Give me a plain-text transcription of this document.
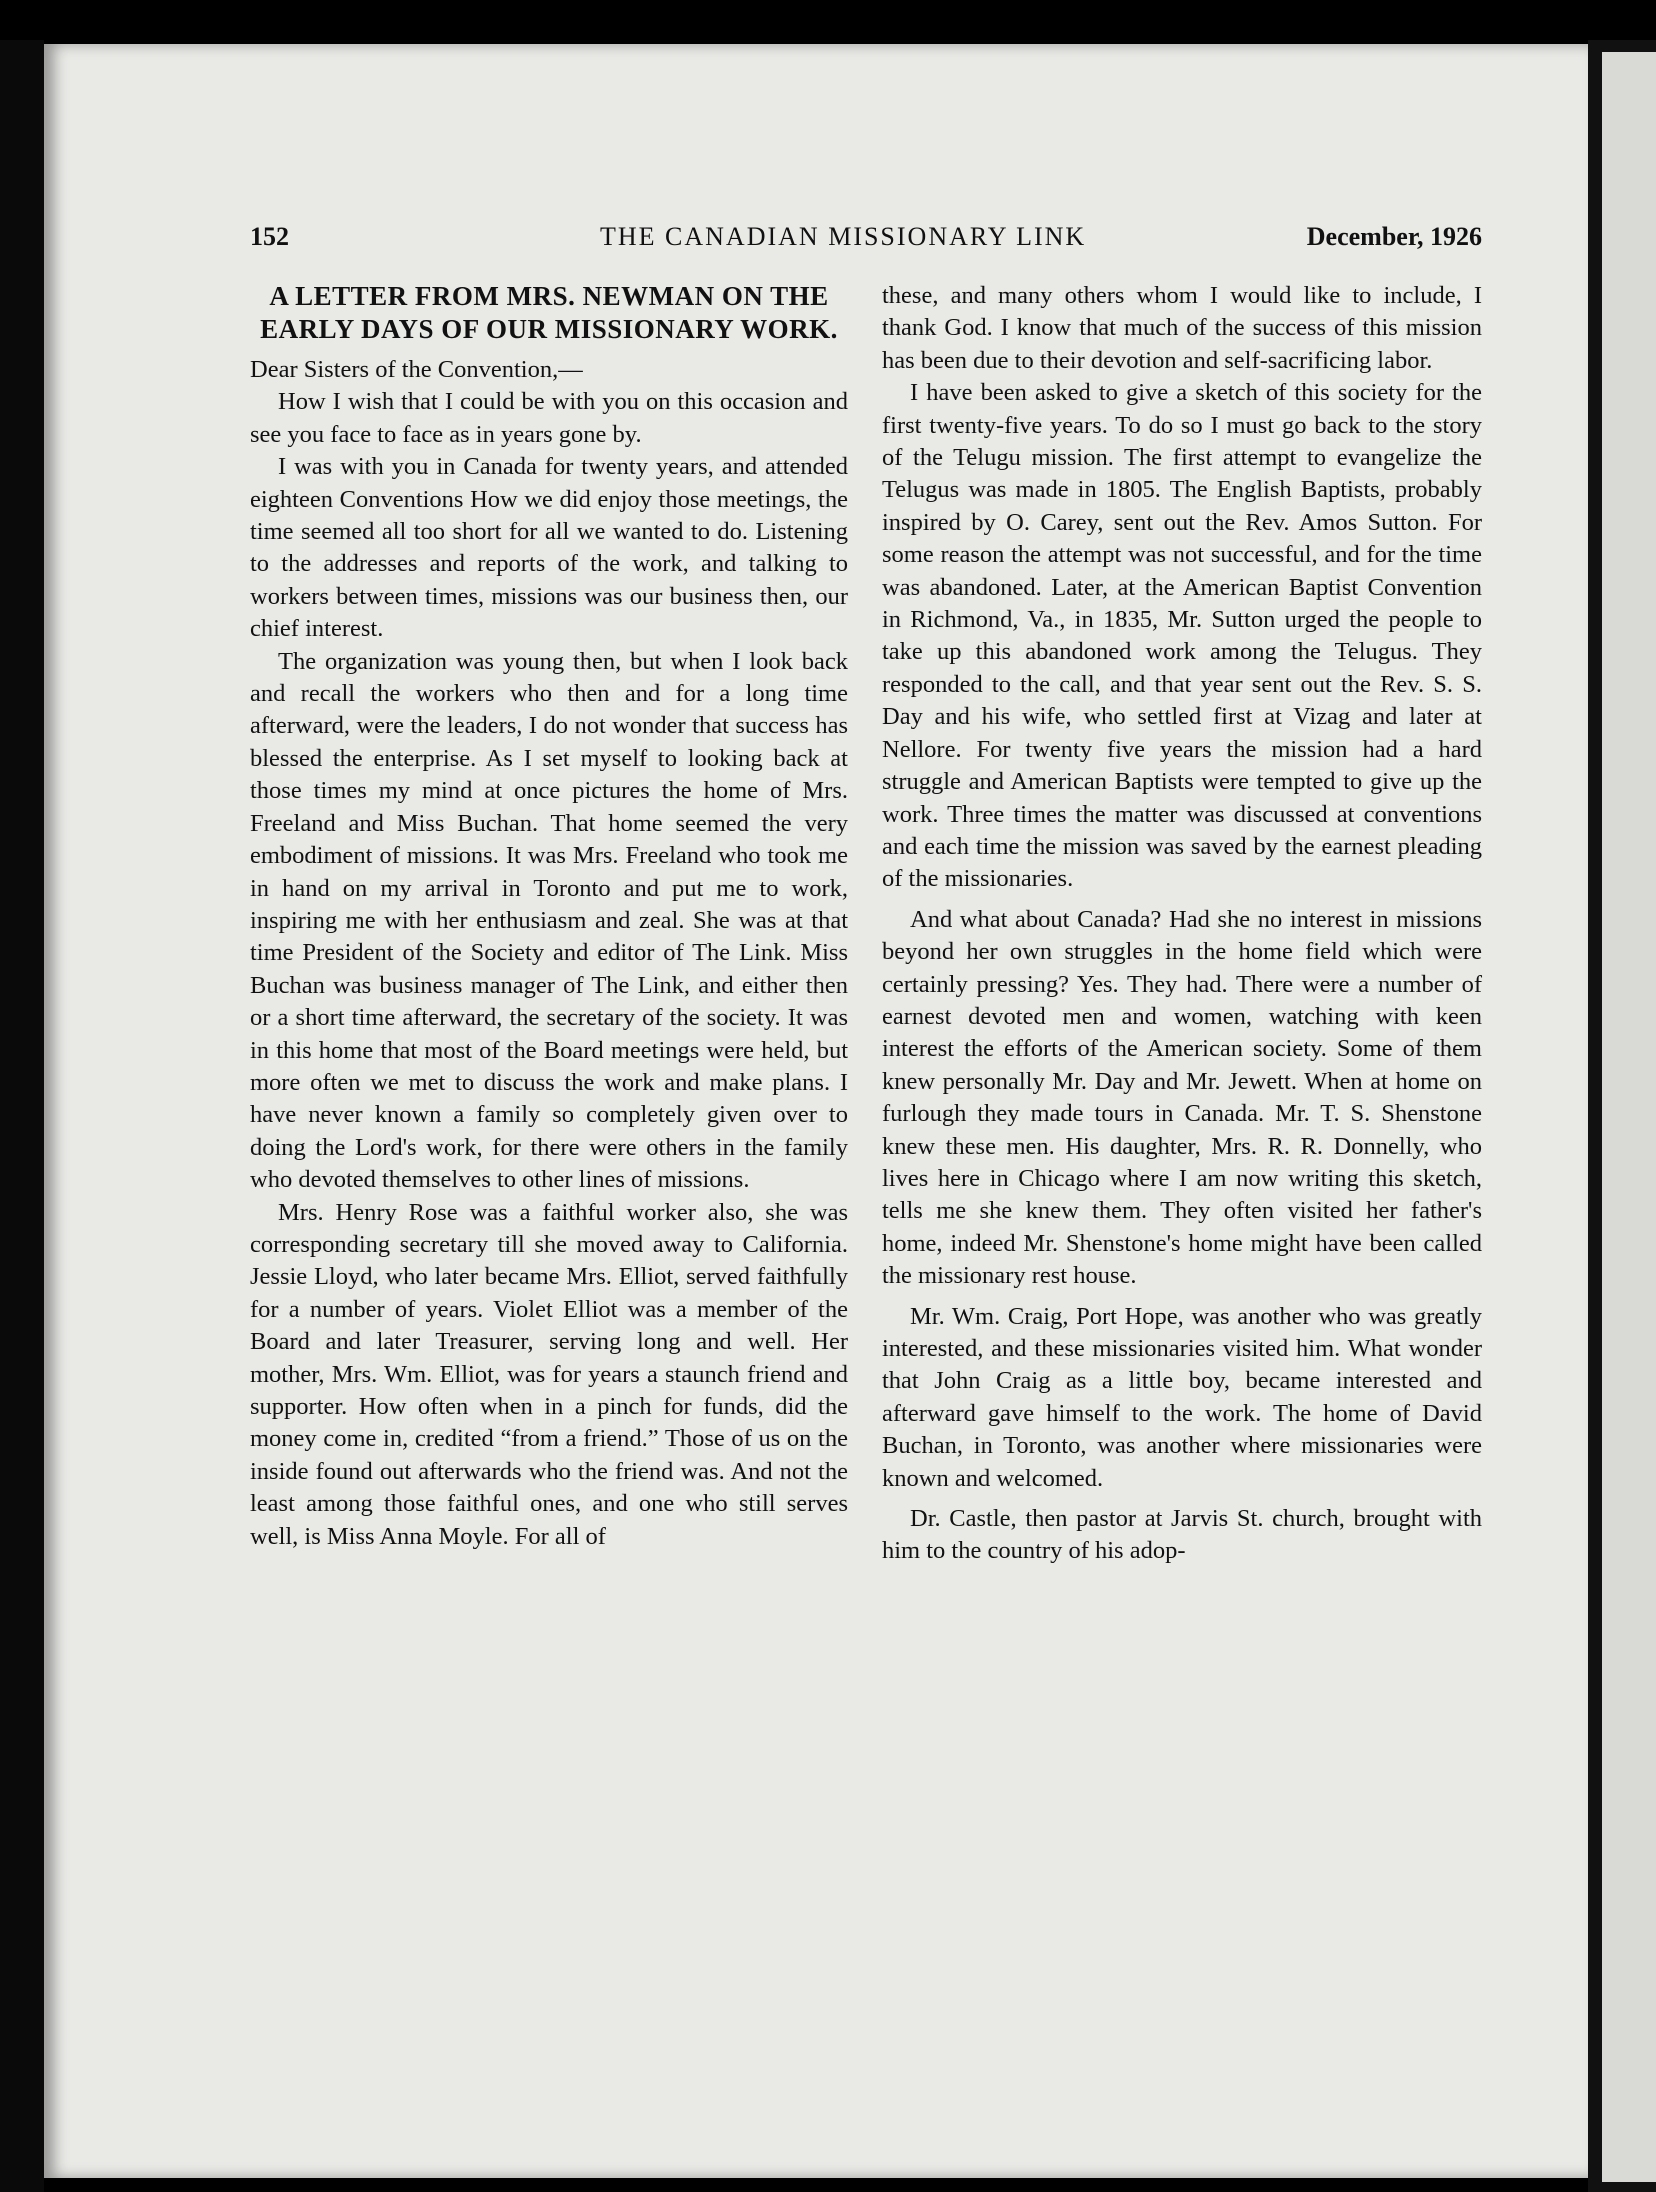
152	THE CANADIAN MISSIONARY LINK	December, 1926

A LETTER FROM MRS. NEWMAN ON THE EARLY DAYS OF OUR MISSIONARY WORK.

Dear Sisters of the Convention,—

How I wish that I could be with you on this occasion and see you face to face as in years gone by.

I was with you in Canada for twenty years, and attended eighteen Conventions How we did enjoy those meetings, the time seemed all too short for all we wanted to do. Listening to the addresses and reports of the work, and talking to workers between times, missions was our business then, our chief interest.

The organization was young then, but when I look back and recall the workers who then and for a long time afterward, were the leaders, I do not wonder that success has blessed the enterprise. As I set myself to looking back at those times my mind at once pictures the home of Mrs. Freeland and Miss Buchan. That home seemed the very embodiment of missions. It was Mrs. Freeland who took me in hand on my arrival in Toronto and put me to work, inspiring me with her enthusiasm and zeal. She was at that time President of the Society and editor of The Link. Miss Buchan was business manager of The Link, and either then or a short time afterward, the secretary of the society. It was in this home that most of the Board meetings were held, but more often we met to discuss the work and make plans. I have never known a family so completely given over to doing the Lord's work, for there were others in the family who devoted themselves to other lines of missions.

Mrs. Henry Rose was a faithful worker also, she was corresponding secretary till she moved away to California. Jessie Lloyd, who later became Mrs. Elliot, served faithfully for a number of years. Violet Elliot was a member of the Board and later Treasurer, serving long and well. Her mother, Mrs. Wm. Elliot, was for years a staunch friend and supporter. How often when in a pinch for funds, did the money come in, credited “from a friend.” Those of us on the inside found out afterwards who the friend was. And not the least among those faithful ones, and one who still serves well, is Miss Anna Moyle. For all of

these, and many others whom I would like to include, I thank God. I know that much of the success of this mission has been due to their devotion and self-sacrificing labor.

I have been asked to give a sketch of this society for the first twenty-five years. To do so I must go back to the story of the Telugu mission. The first attempt to evangelize the Telugus was made in 1805. The English Baptists, probably inspired by O. Carey, sent out the Rev. Amos Sutton. For some reason the attempt was not successful, and for the time was abandoned. Later, at the American Baptist Convention in Richmond, Va., in 1835, Mr. Sutton urged the people to take up this abandoned work among the Telugus. They responded to the call, and that year sent out the Rev. S. S. Day and his wife, who settled first at Vizag and later at Nellore. For twenty five years the mission had a hard struggle and American Baptists were tempted to give up the work. Three times the matter was discussed at conventions and each time the mission was saved by the earnest pleading of the missionaries.

And what about Canada? Had she no interest in missions beyond her own struggles in the home field which were certainly pressing? Yes. They had. There were a number of earnest devoted men and women, watching with keen interest the efforts of the American society. Some of them knew personally Mr. Day and Mr. Jewett. When at home on furlough they made tours in Canada. Mr. T. S. Shenstone knew these men. His daughter, Mrs. R. R. Donnelly, who lives here in Chicago where I am now writing this sketch, tells me she knew them. They often visited her father's home, indeed Mr. Shenstone's home might have been called the missionary rest house.

Mr. Wm. Craig, Port Hope, was another who was greatly interested, and these missionaries visited him. What wonder that John Craig as a little boy, became interested and afterward gave himself to the work. The home of David Buchan, in Toronto, was another where missionaries were known and welcomed.

Dr. Castle, then pastor at Jarvis St. church, brought with him to the country of his adop-
